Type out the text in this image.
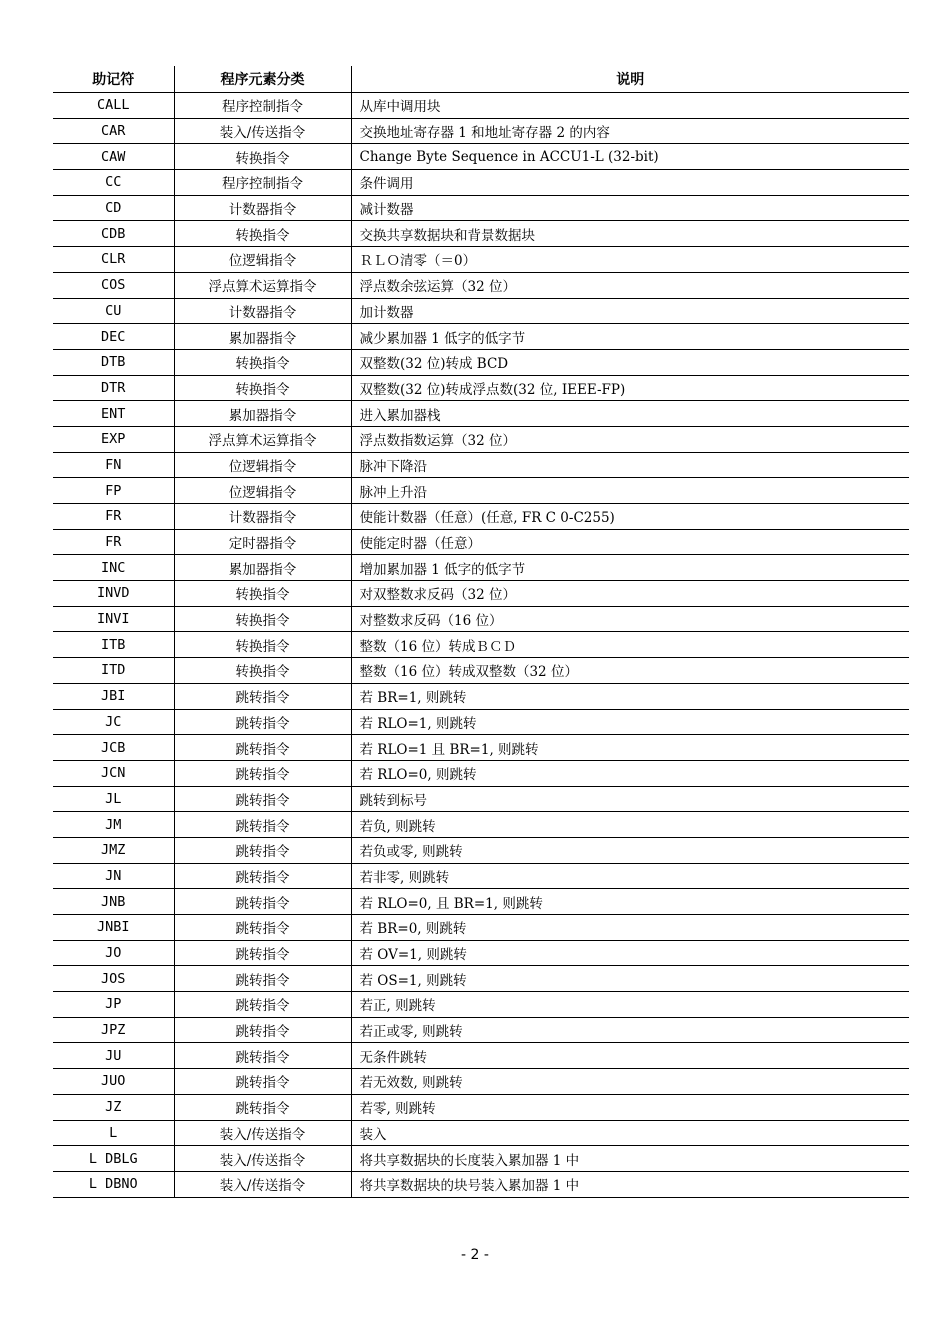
助记符	程序元素分类	说明
CALL	程序控制指令	从库中调用块
CAR	装入/传送指令	交换地址寄存器 1 和地址寄存器 2 的内容
CAW	转换指令	Change Byte Sequence in ACCU1-L (32-bit)
CC	程序控制指令	条件调用
CD	计数器指令	减计数器
CDB	转换指令	交换共享数据块和背景数据块
CLR	位逻辑指令	ＲＬＯ清零（＝0）
COS	浮点算术运算指令	浮点数余弦运算（32 位）
CU	计数器指令	加计数器
DEC	累加器指令	减少累加器 1 低字的低字节
DTB	转换指令	双整数(32 位)转成 BCD
DTR	转换指令	双整数(32 位)转成浮点数(32 位, IEEE-FP)
ENT	累加器指令	进入累加器栈
EXP	浮点算术运算指令	浮点数指数运算（32 位）
FN	位逻辑指令	脉冲下降沿
FP	位逻辑指令	脉冲上升沿
FR	计数器指令	使能计数器（任意）(任意, FR C 0-C255)
FR	定时器指令	使能定时器（任意）
INC	累加器指令	增加累加器 1 低字的低字节
INVD	转换指令	对双整数求反码（32 位）
INVI	转换指令	对整数求反码（16 位）
ITB	转换指令	整数（16 位）转成ＢＣＤ
ITD	转换指令	整数（16 位）转成双整数（32 位）
JBI	跳转指令	若 BR=1, 则跳转
JC	跳转指令	若 RLO=1, 则跳转
JCB	跳转指令	若 RLO=1 且 BR=1, 则跳转
JCN	跳转指令	若 RLO=0, 则跳转
JL	跳转指令	跳转到标号
JM	跳转指令	若负, 则跳转
JMZ	跳转指令	若负或零, 则跳转
JN	跳转指令	若非零, 则跳转
JNB	跳转指令	若 RLO=0, 且 BR=1, 则跳转
JNBI	跳转指令	若 BR=0, 则跳转
JO	跳转指令	若 OV=1, 则跳转
JOS	跳转指令	若 OS=1, 则跳转
JP	跳转指令	若正, 则跳转
JPZ	跳转指令	若正或零, 则跳转
JU	跳转指令	无条件跳转
JUO	跳转指令	若无效数, 则跳转
JZ	跳转指令	若零, 则跳转
L	装入/传送指令	装入
L DBLG	装入/传送指令	将共享数据块的长度装入累加器 1 中
L DBNO	装入/传送指令	将共享数据块的块号装入累加器 1 中
- 2 -
